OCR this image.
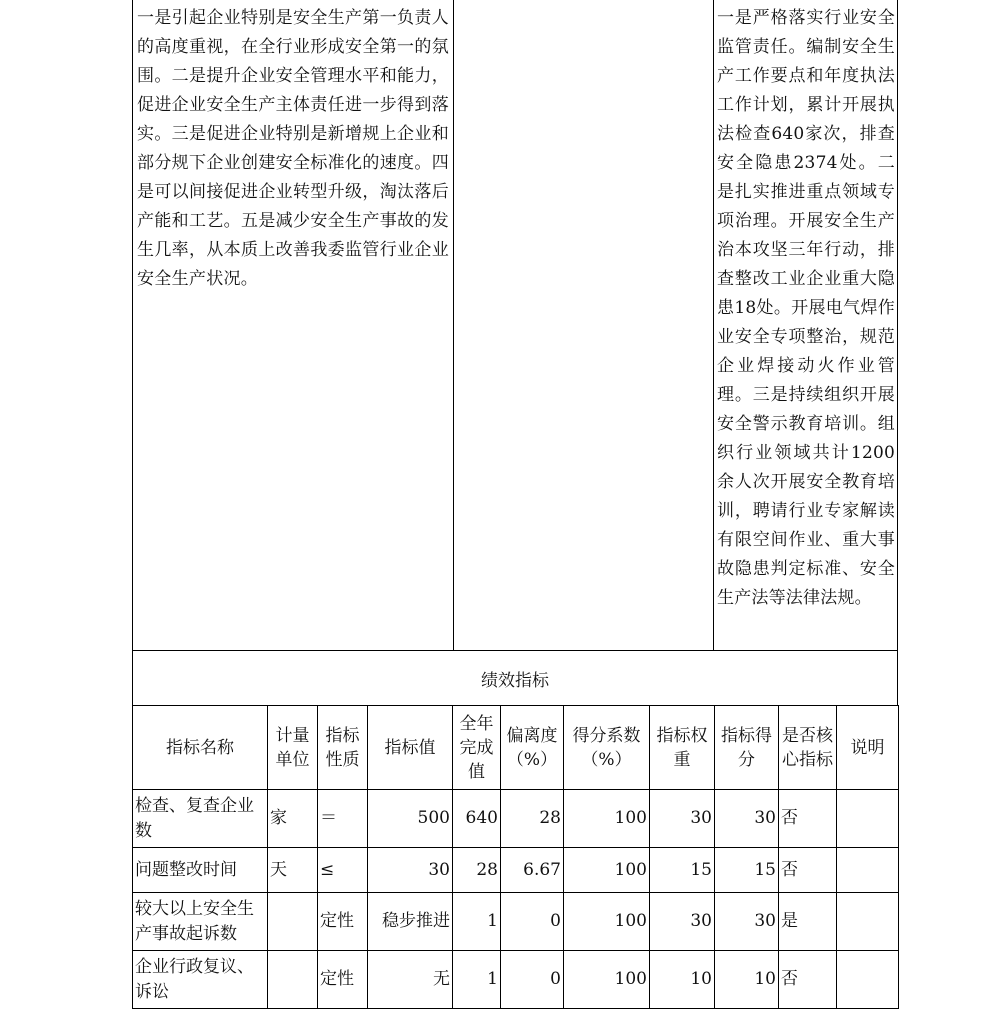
一是引起企业特别是安全生产第一负责人的高度重视，在全行业形成安全第一的氛围。二是提升企业安全管理水平和能力，促进企业安全生产主体责任进一步得到落实。三是促进企业特别是新增规上企业和部分规下企业创建安全标准化的速度。四是可以间接促进企业转型升级，淘汰落后产能和工艺。五是减少安全生产事故的发生几率，从本质上改善我委监管行业企业安全生产状况。
一是严格落实行业安全监管责任。编制安全生产工作要点和年度执法工作计划，累计开展执法检查640家次，排查安全隐患2374处。二是扎实推进重点领域专项治理。开展安全生产治本攻坚三年行动，排查整改工业企业重大隐患18处。开展电气焊作业安全专项整治，规范企业焊接动火作业管理。三是持续组织开展安全警示教育培训。组织行业领域共计1200余人次开展安全教育培训，聘请行业专家解读有限空间作业、重大事故隐患判定标准、安全生产法等法律法规。
绩效指标
指标名称	计量单位	指标性质	指标值	全年完成值	偏离度（%）	得分系数（%）	指标权重	指标得分	是否核心指标	说明
检查、复查企业数	家	＝	500	640	28	100	30	30	否	
问题整改时间	天	≤	30	28	6.67	100	15	15	否	
较大以上安全生产事故起诉数		定性	稳步推进	1	0	100	30	30	是	
企业行政复议、诉讼		定性	无	1	0	100	10	10	否	
